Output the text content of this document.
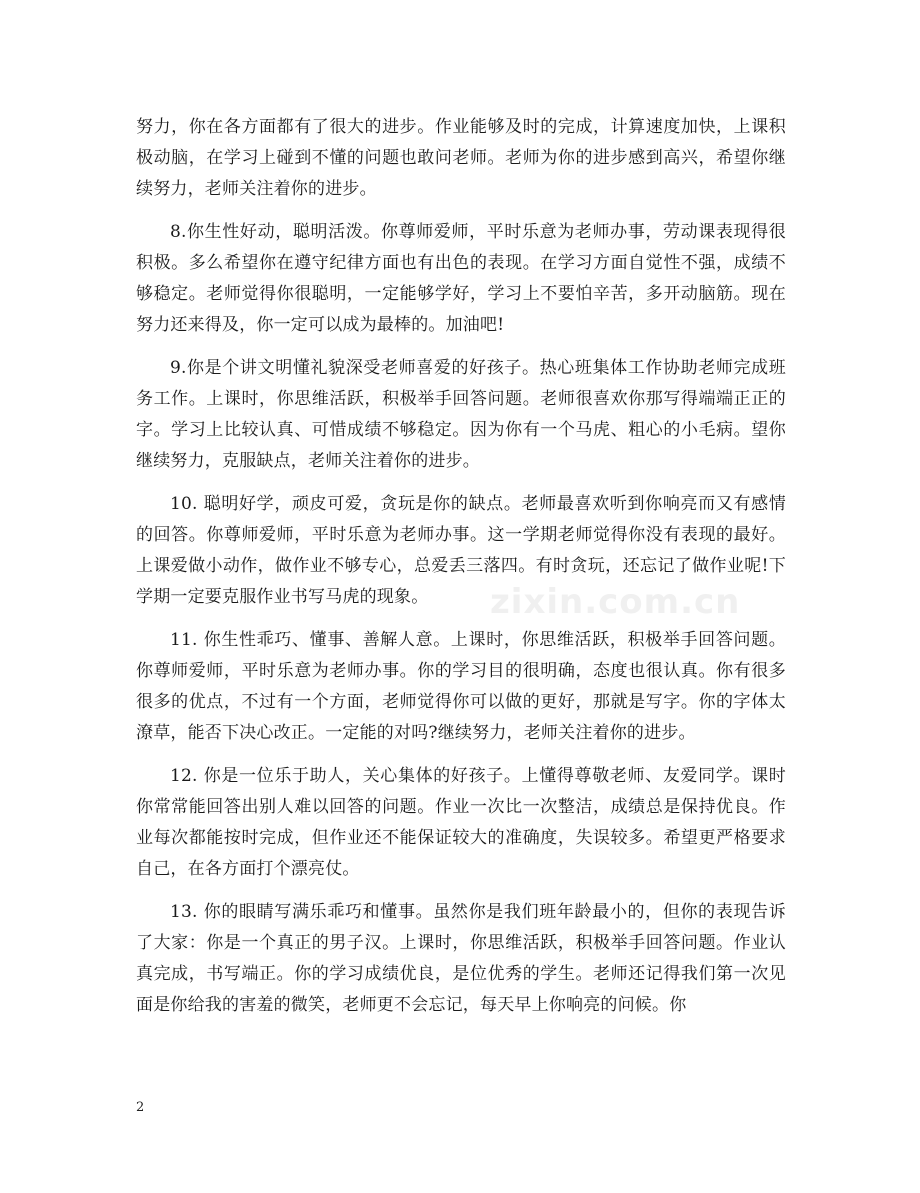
努力，你在各方面都有了很大的进步。作业能够及时的完成，计算速度加快，上课积极动脑，在学习上碰到不懂的问题也敢问老师。老师为你的进步感到高兴，希望你继续努力，老师关注着你的进步。

8.你生性好动，聪明活泼。你尊师爱师，平时乐意为老师办事，劳动课表现得很积极。多么希望你在遵守纪律方面也有出色的表现。在学习方面自觉性不强，成绩不够稳定。老师觉得你很聪明，一定能够学好，学习上不要怕辛苦，多开动脑筋。现在努力还来得及，你一定可以成为最棒的。加油吧!

9.你是个讲文明懂礼貌深受老师喜爱的好孩子。热心班集体工作协助老师完成班务工作。上课时，你思维活跃，积极举手回答问题。老师很喜欢你那写得端端正正的字。学习上比较认真、可惜成绩不够稳定。因为你有一个马虎、粗心的小毛病。望你继续努力，克服缺点，老师关注着你的进步。

10. 聪明好学，顽皮可爱，贪玩是你的缺点。老师最喜欢听到你响亮而又有感情的回答。你尊师爱师，平时乐意为老师办事。这一学期老师觉得你没有表现的最好。上课爱做小动作，做作业不够专心，总爱丢三落四。有时贪玩，还忘记了做作业呢!下学期一定要克服作业书写马虎的现象。

11. 你生性乖巧、懂事、善解人意。上课时，你思维活跃，积极举手回答问题。你尊师爱师，平时乐意为老师办事。你的学习目的很明确，态度也很认真。你有很多很多的优点，不过有一个方面，老师觉得你可以做的更好，那就是写字。你的字体太潦草，能否下决心改正。一定能的对吗?继续努力，老师关注着你的进步。

12. 你是一位乐于助人，关心集体的好孩子。上懂得尊敬老师、友爱同学。课时你常常能回答出别人难以回答的问题。作业一次比一次整洁，成绩总是保持优良。作业每次都能按时完成，但作业还不能保证较大的准确度，失误较多。希望更严格要求自己，在各方面打个漂亮仗。

13. 你的眼睛写满乐乖巧和懂事。虽然你是我们班年龄最小的，但你的表现告诉了大家：你是一个真正的男子汉。上课时，你思维活跃，积极举手回答问题。作业认真完成，书写端正。你的学习成绩优良，是位优秀的学生。老师还记得我们第一次见面是你给我的害羞的微笑，老师更不会忘记，每天早上你响亮的问候。你

zixin.com.cn
2
